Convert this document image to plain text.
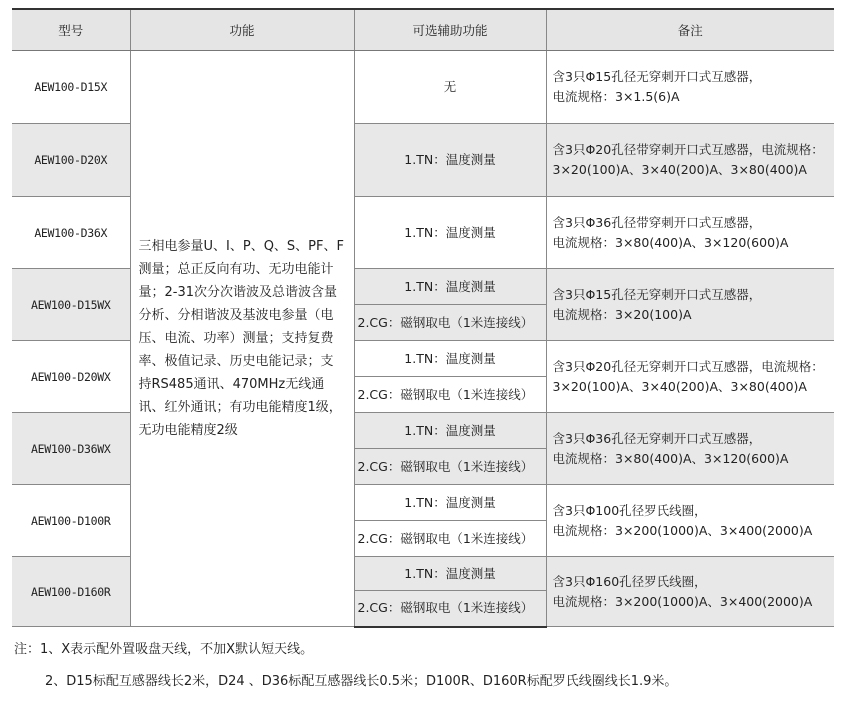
型号	功能	可选辅助功能	备注
AEW100-D15X	三相电参量U、I、P、Q、S、PF、F测量；总正反向有功、无功电能计量；2-31次分次谐波及总谐波含量分析、分相谐波及基波电参量（电压、电流、功率）测量；支持复费率、极值记录、历史电能记录；支持RS485通讯、470MHz无线通讯、红外通讯；有功电能精度1级，无功电能精度2级	无	含3只Φ15孔径无穿刺开口式互感器，
电流规格：3×1.5(6)A

AEW100-D20X		1.TN：温度测量	含3只Φ20孔径带穿刺开口式互感器，电流规格：
3×20(100)A、3×40(200)A、3×80(400)A

AEW100-D36X		1.TN：温度测量	含3只Φ36孔径带穿刺开口式互感器，
电流规格：3×80(400)A、3×120(600)A

AEW100-D15WX		1.TN：温度测量	含3只Φ15孔径无穿刺开口式互感器，
电流规格：3×20(100)A

		2.CG：磁钢取电（1米连接线）	
AEW100-D20WX		1.TN：温度测量	含3只Φ20孔径无穿刺开口式互感器，电流规格：
3×20(100)A、3×40(200)A、3×80(400)A

		2.CG：磁钢取电（1米连接线）	
AEW100-D36WX		1.TN：温度测量	含3只Φ36孔径无穿刺开口式互感器，
电流规格：3×80(400)A、3×120(600)A

		2.CG：磁钢取电（1米连接线）	
AEW100-D100R		1.TN：温度测量	含3只Φ100孔径罗氏线圈，
电流规格：3×200(1000)A、3×400(2000)A

		2.CG：磁钢取电（1米连接线）	
AEW100-D160R		1.TN：温度测量	含3只Φ160孔径罗氏线圈，
电流规格：3×200(1000)A、3×400(2000)A

		2.CG：磁钢取电（1米连接线）	
注：1、X表示配外置吸盘天线，不加X默认短天线。
2、D15标配互感器线长2米，D24 、D36标配互感器线长0.5米；D100R、D160R标配罗氏线圈线长1.9米。
